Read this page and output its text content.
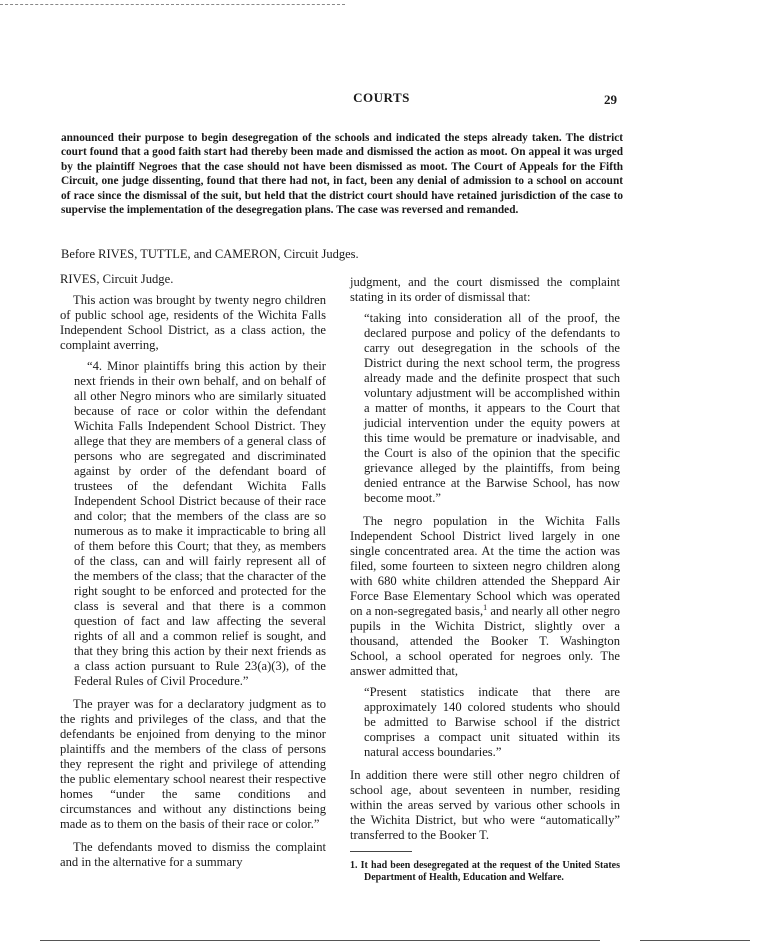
COURTS	29
announced their purpose to begin desegregation of the schools and indicated the steps already taken. The district court found that a good faith start had thereby been made and dismissed the action as moot. On appeal it was urged by the plaintiff Negroes that the case should not have been dismissed as moot. The Court of Appeals for the Fifth Circuit, one judge dissenting, found that there had not, in fact, been any denial of admission to a school on account of race since the dismissal of the suit, but held that the district court should have retained jurisdiction of the case to supervise the implementation of the desegregation plans. The case was reversed and remanded.
Before RIVES, TUTTLE, and CAMERON, Circuit Judges.

RIVES, Circuit Judge.

This action was brought by twenty negro children of public school age, residents of the Wichita Falls Independent School District, as a class action, the complaint averring,

“4. Minor plaintiffs bring this action by their next friends in their own behalf, and on behalf of all other Negro minors who are similarly situated because of race or color within the defendant Wichita Falls Independent School District. They allege that they are members of a general class of persons who are segregated and discriminated against by order of the defendant board of trustees of the defendant Wichita Falls Independent School District because of their race and color; that the members of the class are so numerous as to make it impracticable to bring all of them before this Court; that they, as members of the class, can and will fairly represent all of the members of the class; that the character of the right sought to be enforced and protected for the class is several and that there is a common question of fact and law affecting the several rights of all and a common relief is sought, and that they bring this action by their next friends as a class action pursuant to Rule 23(a)(3), of the Federal Rules of Civil Procedure.”

The prayer was for a declaratory judgment as to the rights and privileges of the class, and that the defendants be enjoined from denying to the minor plaintiffs and the members of the class of persons they represent the right and privilege of attending the public elementary school nearest their respective homes “under the same conditions and circumstances and without any distinctions being made as to them on the basis of their race or color.”

The defendants moved to dismiss the complaint and in the alternative for a summary

judgment, and the court dismissed the complaint stating in its order of dismissal that:

“taking into consideration all of the proof, the declared purpose and policy of the defendants to carry out desegregation in the schools of the District during the next school term, the progress already made and the definite prospect that such voluntary adjustment will be accomplished within a matter of months, it appears to the Court that judicial intervention under the equity powers at this time would be premature or inadvisable, and the Court is also of the opinion that the specific grievance alleged by the plaintiffs, from being denied entrance at the Barwise School, has now become moot.”

The negro population in the Wichita Falls Independent School District lived largely in one single concentrated area. At the time the action was filed, some fourteen to sixteen negro children along with 680 white children attended the Sheppard Air Force Base Elementary School which was operated on a non-segregated basis,$^1$ and nearly all other negro pupils in the Wichita District, slightly over a thousand, attended the Booker T. Washington School, a school operated for negroes only. The answer admitted that,

“Present statistics indicate that there are approximately 140 colored students who should be admitted to Barwise school if the district comprises a compact unit situated within its natural access boundaries.”

In addition there were still other negro children of school age, about seventeen in number, residing within the areas served by various other schools in the Wichita District, but who were “automatically” transferred to the Booker T.

1. It had been desegregated at the request of the United States Department of Health, Education and Welfare.
